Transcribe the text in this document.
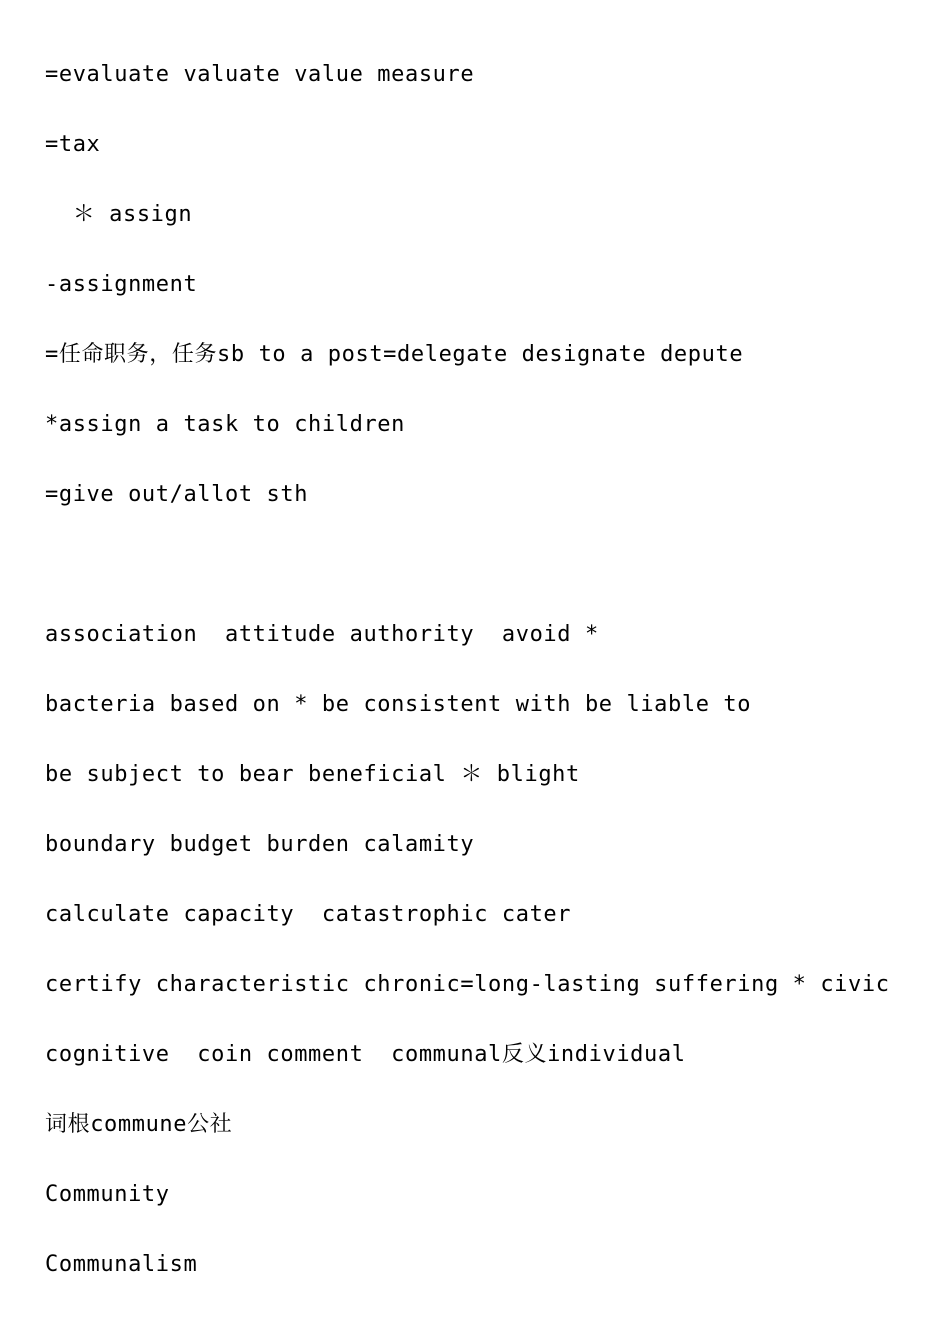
=evaluate valuate value measure
=tax
＊ assign
-assignment
=任命职务，任务sb to a post=delegate designate depute
*assign a task to children
=give out/allot sth
association  attitude authority  avoid *
bacteria based on * be consistent with be liable to
be subject to bear beneficial ＊ blight
boundary budget burden calamity
calculate capacity  catastrophic cater
certify characteristic chronic=long-lasting suffering * civic
cognitive  coin comment  communal反义individual
词根commune公社
Community
Communalism
